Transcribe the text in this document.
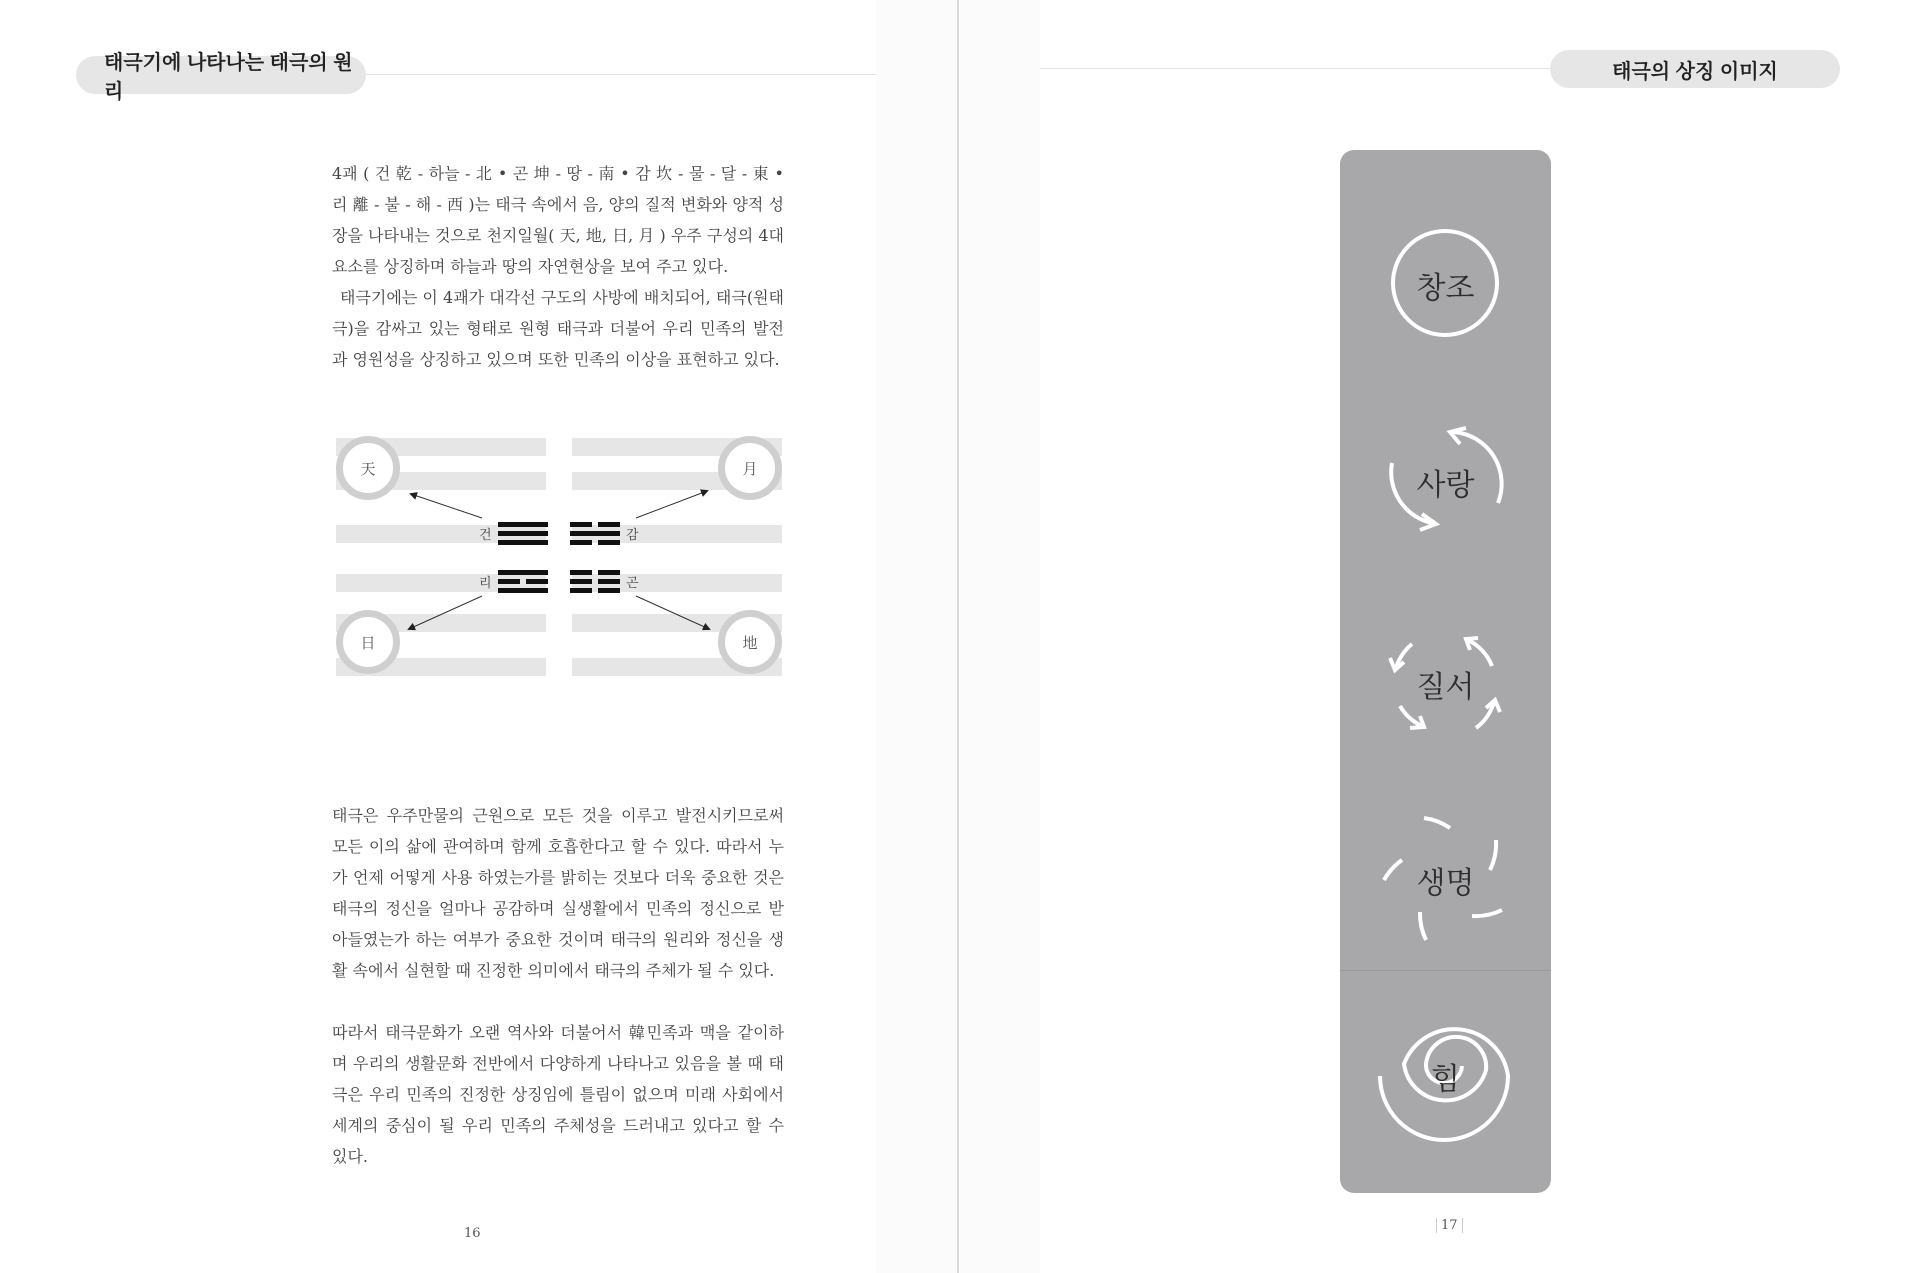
태극기에 나타나는 태극의 원리

4괘 ( 건 乾 - 하늘 - 北 • 곤 坤 - 땅 - 南 • 감 坎 - 물 - 달 - 東 • 리 離 - 불 - 해 - 西 )는 태극 속에서 음, 양의 질적 변화와 양적 성장을 나타내는 것으로 천지일월( 天, 地, 日, 月 ) 우주 구성의 4대 요소를 상징하며 하늘과 땅의 자연현상을 보여 주고 있다.

태극기에는 이 4괘가 대각선 구도의 사방에 배치되어, 태극(원태극)을 감싸고 있는 형태로 원형 태극과 더불어 우리 민족의 발전과 영원성을 상징하고 있으며 또한 민족의 이상을 표현하고 있다.

天	月
日	地
건	감
리	곤

태극은 우주만물의 근원으로 모든 것을 이루고 발전시키므로써 모든 이의 삶에 관여하며 함께 호흡한다고 할 수 있다. 따라서 누가 언제 어떻게 사용 하였는가를 밝히는 것보다 더욱 중요한 것은 태극의 정신을 얼마나 공감하며 실생활에서 민족의 정신으로 받아들였는가 하는 여부가 중요한 것이며 태극의 원리와 정신을 생활 속에서 실현할 때 진정한 의미에서 태극의 주체가 될 수 있다.

따라서 태극문화가 오랜 역사와 더불어서 韓민족과 맥을 같이하며 우리의 생활문화 전반에서 다양하게 나타나고 있음을 볼 때 태극은 우리 민족의 진정한 상징임에 틀림이 없으며 미래 사회에서 세계의 중심이 될 우리 민족의 주체성을 드러내고 있다고 할 수 있다.

16
태극의 상징 이미지
창조
사랑
질서
생명
힘
17
